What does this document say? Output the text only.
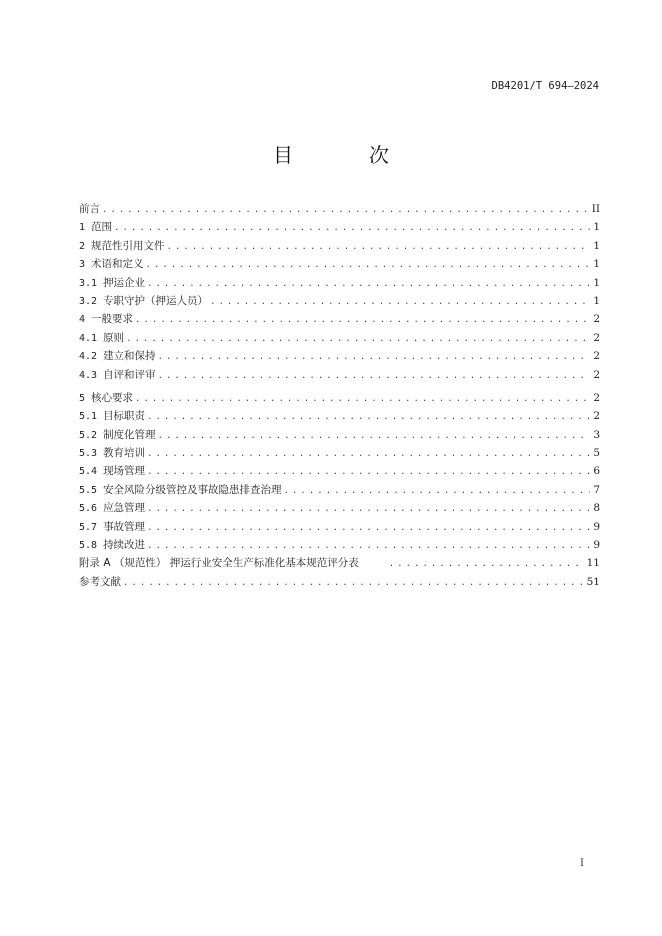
DB4201/T 694—2024
目　次
前言 . . .	II
1 范围 . . .	1
2 规范性引用文件 . . .	1
3 术语和定义 . . .	1
3.1 押运企业 . . .	1
3.2 专职守护（押运人员） . . .	1
4 一般要求 . . .	2
4.1 原则 . . .	2
4.2 建立和保持 . . .	2
4.3 自评和评审 . . .	2
5 核心要求 . . .	2
5.1 目标职责 . . .	2
5.2 制度化管理 . . .	3
5.3 教育培训 . . .	5
5.4 现场管理 . . .	6
5.5 安全风险分级管控及事故隐患排查治理 . . .	7
5.6 应急管理 . . .	8
5.7 事故管理 . . .	9
5.8 持续改进 . . .	9
附录 A （规范性） 押运行业安全生产标准化基本规范评分表 . . .	11
参考文献 . . .	51
I
